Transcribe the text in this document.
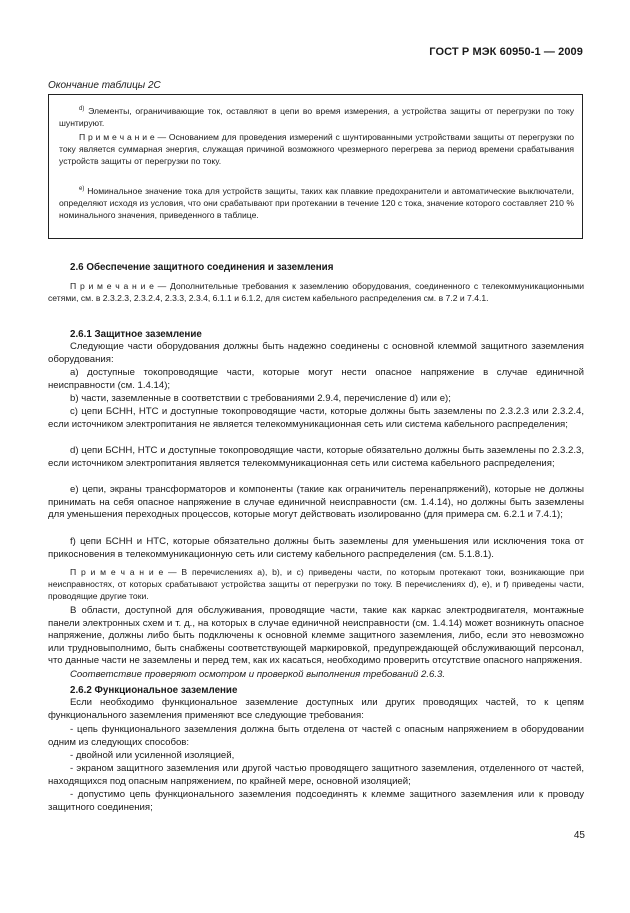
ГОСТ Р МЭК 60950-1 — 2009
Окончание таблицы 2С

$^{d)}$ Элементы, ограничивающие ток, оставляют в цепи во время измерения, а устройства защиты от перегрузки по току шунтируют.

П р и м е ч а н и е — Основанием для проведения измерений с шунтированными устройствами защиты от перегрузки по току является суммарная энергия, служащая причиной возможного чрезмерного перегрева за период времени срабатывания устройств защиты от перегрузки по току.

$^{e)}$ Номинальное значение тока для устройств защиты, таких как плавкие предохранители и автоматические выключатели, определяют исходя из условия, что они срабатывают при протекании в течение 120 с тока, значение которого составляет 210 % номинального значения, приведенного в таблице.

2.6 Обеспечение защитного соединения и заземления

П р и м е ч а н и е — Дополнительные требования к заземлению оборудования, соединенного с телекоммуникационными сетями, см. в 2.3.2.3, 2.3.2.4, 2.3.3, 2.3.4, 6.1.1 и 6.1.2, для систем кабельного распределения см. в 7.2 и 7.4.1.

2.6.1 Защитное заземление

Следующие части оборудования должны быть надежно соединены с основной клеммой защитного заземления оборудования:

а) доступные токопроводящие части, которые могут нести опасное напряжение в случае единичной неисправности (см. 1.4.14);

b) части, заземленные в соответствии с требованиями 2.9.4, перечисление d) или е);

с) цепи БСНН, НТС и доступные токопроводящие части, которые должны быть заземлены по 2.3.2.3 или 2.3.2.4, если источником электропитания не является телекоммуникационная сеть или система кабельного распределения;

d) цепи БСНН, НТС и доступные токопроводящие части, которые обязательно должны быть заземлены по 2.3.2.3, если источником электропитания является телекоммуникационная сеть или система кабельного распределения;

е) цепи, экраны трансформаторов и компоненты (такие как ограничитель перенапряжений), которые не должны принимать на себя опасное напряжение в случае единичной неисправности (см. 1.4.14), но должны быть заземлены для уменьшения переходных процессов, которые могут действовать изолированно (для примера см. 6.2.1 и 7.4.1);

f) цепи БСНН и НТС, которые обязательно должны быть заземлены для уменьшения или исключения тока от прикосновения в телекоммуникационную сеть или систему кабельного распределения (см. 5.1.8.1).

П р и м е ч а н и е — В перечислениях а), b), и с) приведены части, по которым протекают токи, возникающие при неисправностях, от которых срабатывают устройства защиты от перегрузки по току. В перечислениях d), е), и f) приведены части, проводящие другие токи.

В области, доступной для обслуживания, проводящие части, такие как каркас электродвигателя, монтажные панели электронных схем и т. д., на которых в случае единичной неисправности (см. 1.4.14) может возникнуть опасное напряжение, должны либо быть подключены к основной клемме защитного заземления, либо, если это невозможно или трудновыполнимо, быть снабжены соответствующей маркировкой, предупреждающей обслуживающий персонал, что данные части не заземлены и перед тем, как их касаться, необходимо проверить отсутствие опасного напряжения.

Соответствие проверяют осмотром и проверкой выполнения требований 2.6.3.

2.6.2 Функциональное заземление

Если необходимо функциональное заземление доступных или других проводящих частей, то к цепям функционального заземления применяют все следующие требования:

- цепь функционального заземления должна быть отделена от частей с опасным напряжением в оборудовании одним из следующих способов:

- двойной или усиленной изоляцией,

- экраном защитного заземления или другой частью проводящего защитного заземления, отделенного от частей, находящихся под опасным напряжением, по крайней мере, основной изоляцией;

- допустимо цепь функционального заземления подсоединять к клемме защитного заземления или к проводу защитного соединения;

45
